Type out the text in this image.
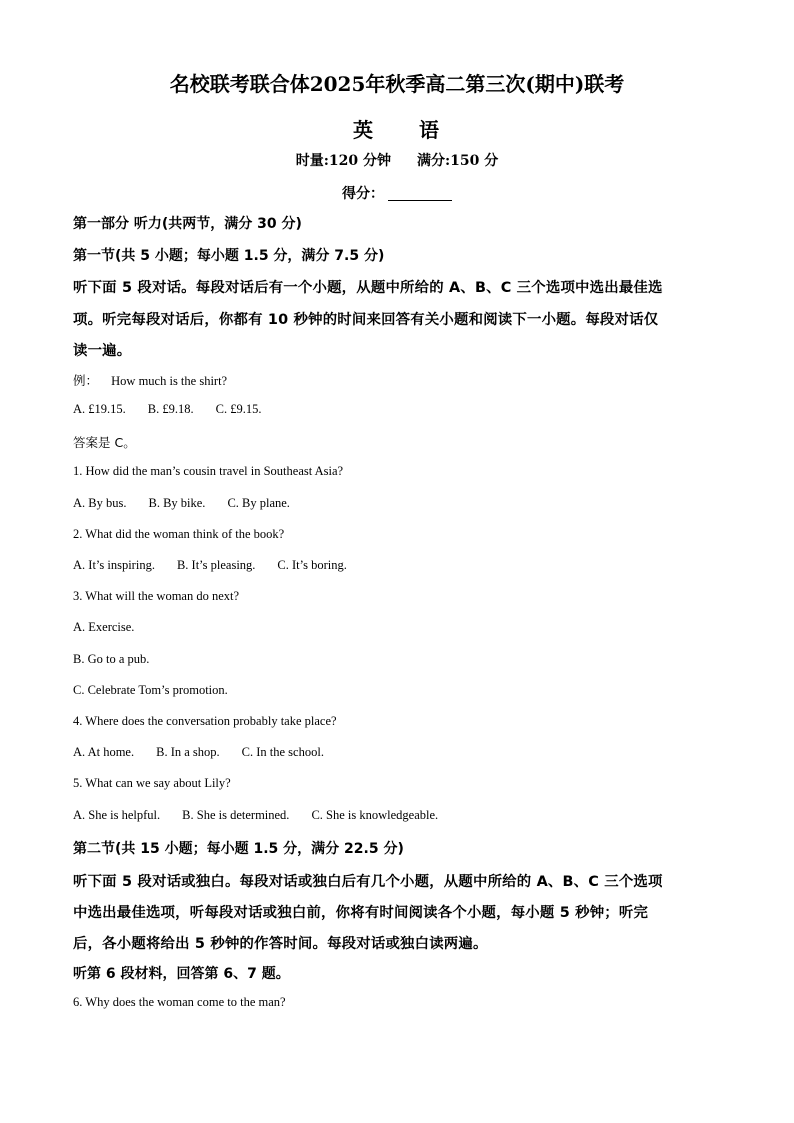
名校联考联合体2025年秋季高二第三次(期中)联考
英 语
时量:120 分钟 满分:150 分
得分：
第一部分 听力(共两节，满分 30 分)
第一节(共 5 小题；每小题 1.5 分，满分 7.5 分)
听下面 5 段对话。每段对话后有一个小题，从题中所给的 A、B、C 三个选项中选出最佳选
项。听完每段对话后，你都有 10 秒钟的时间来回答有关小题和阅读下一小题。每段对话仅
读一遍。
例： How much is the shirt?
A. £19.15. B. £9.18. C. £9.15.
答案是 C。
1. How did the man’s cousin travel in Southeast Asia?
A. By bus. B. By bike. C. By plane.
2. What did the woman think of the book?
A. It’s inspiring. B. It’s pleasing. C. It’s boring.
3. What will the woman do next?
A. Exercise.
B. Go to a pub.
C. Celebrate Tom’s promotion.
4. Where does the conversation probably take place?
A. At home. B. In a shop. C. In the school.
5. What can we say about Lily?
A. She is helpful. B. She is determined. C. She is knowledgeable.
第二节(共 15 小题；每小题 1.5 分，满分 22.5 分)
听下面 5 段对话或独白。每段对话或独白后有几个小题，从题中所给的 A、B、C 三个选项
中选出最佳选项，听每段对话或独白前，你将有时间阅读各个小题，每小题 5 秒钟；听完
后，各小题将给出 5 秒钟的作答时间。每段对话或独白读两遍。
听第 6 段材料，回答第 6、7 题。
6. Why does the woman come to the man?
